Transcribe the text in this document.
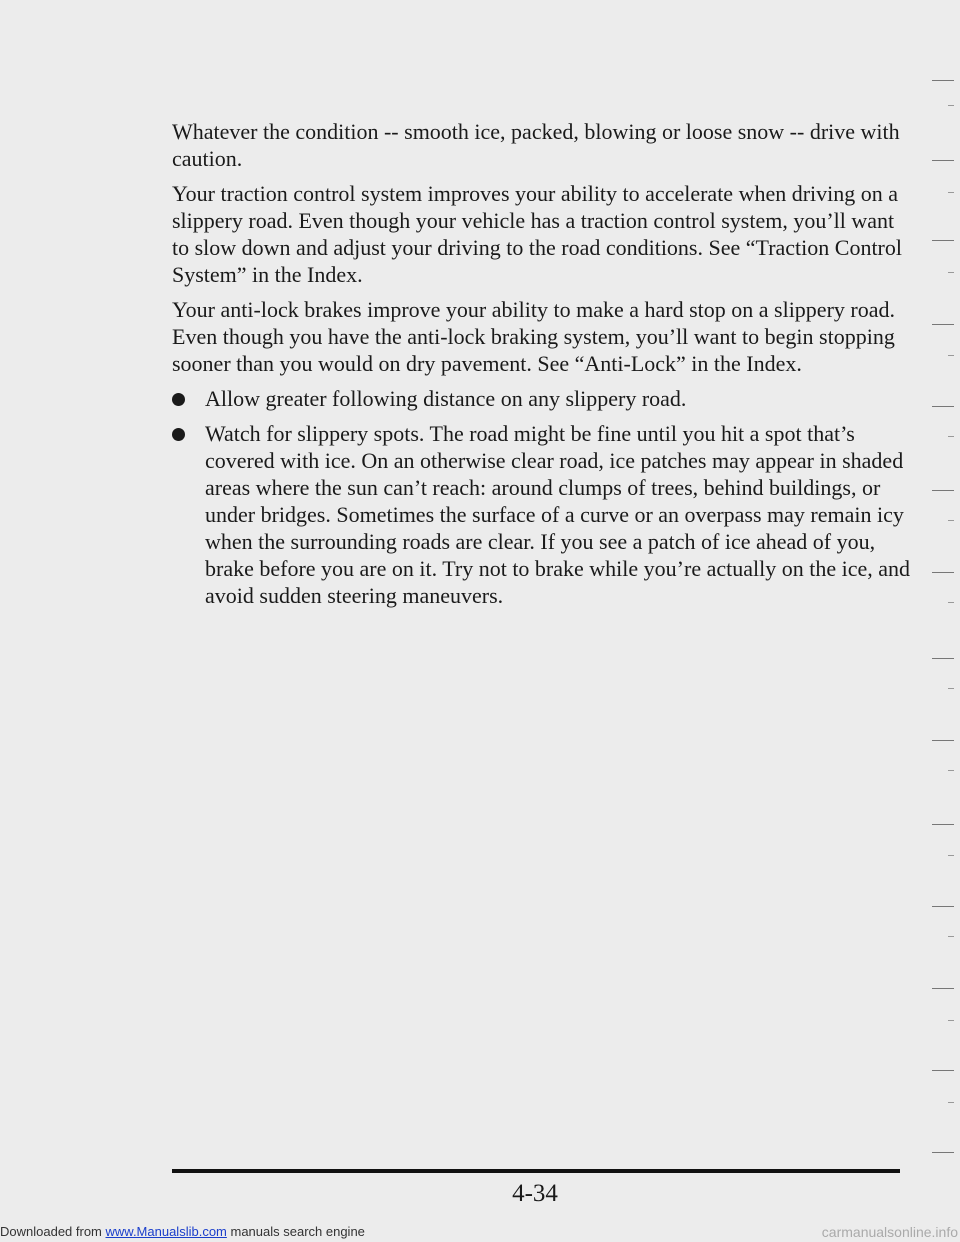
Whatever the condition -- smooth ice, packed, blowing or loose snow -- drive with caution.

Your traction control system improves your ability to accelerate when driving on a slippery road. Even though your vehicle has a traction control system, you’ll want to slow down and adjust your driving to the road conditions. See “Traction Control System” in the Index.

Your anti-lock brakes improve your ability to make a hard stop on a slippery road. Even though you have the anti-lock braking system, you’ll want to begin stopping sooner than you would on dry pavement. See “Anti-Lock” in the Index.

Allow greater following distance on any slippery road.
Watch for slippery spots. The road might be fine until you hit a spot that’s covered with ice. On an otherwise clear road, ice patches may appear in shaded areas where the sun can’t reach: around clumps of trees, behind buildings, or under bridges. Sometimes the surface of a curve or an overpass may remain icy when the surrounding roads are clear. If you see a patch of ice ahead of you, brake before you are on it. Try not to brake while you’re actually on the ice, and avoid sudden steering maneuvers.
4-34
Downloaded from www.Manualslib.com manuals search engine	carmanualsonline.info
